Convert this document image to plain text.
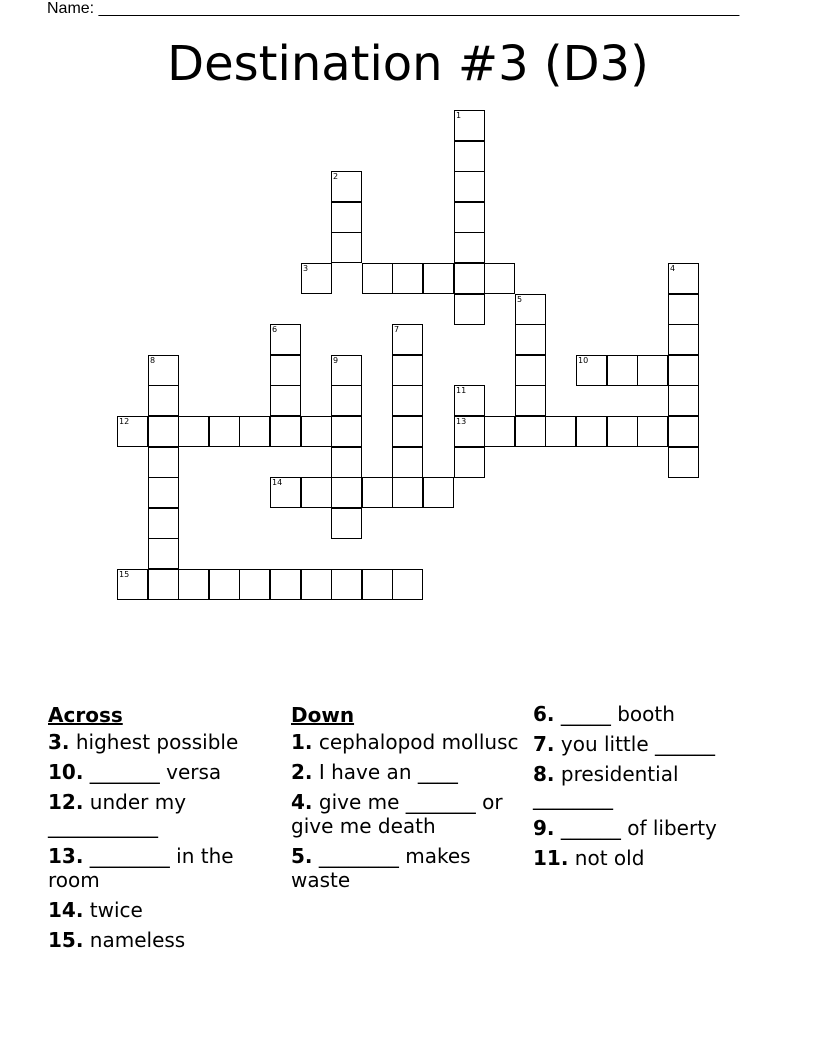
Name: ________________________________________________________________________
Destination #3 (D3)
1
2
3	4
5
6	7
8	9	10
11
12	13
14
15
Across
3. highest possible
10. _______ versa
12. under my ___________
13. ________ in the room
14. twice
15. nameless
Down
1. cephalopod mollusc
2. I have an ____
4. give me _______ or give me death
5. ________ makes waste
6. _____ booth
7. you little ______
8. presidential ________
9. ______ of liberty
11. not old
